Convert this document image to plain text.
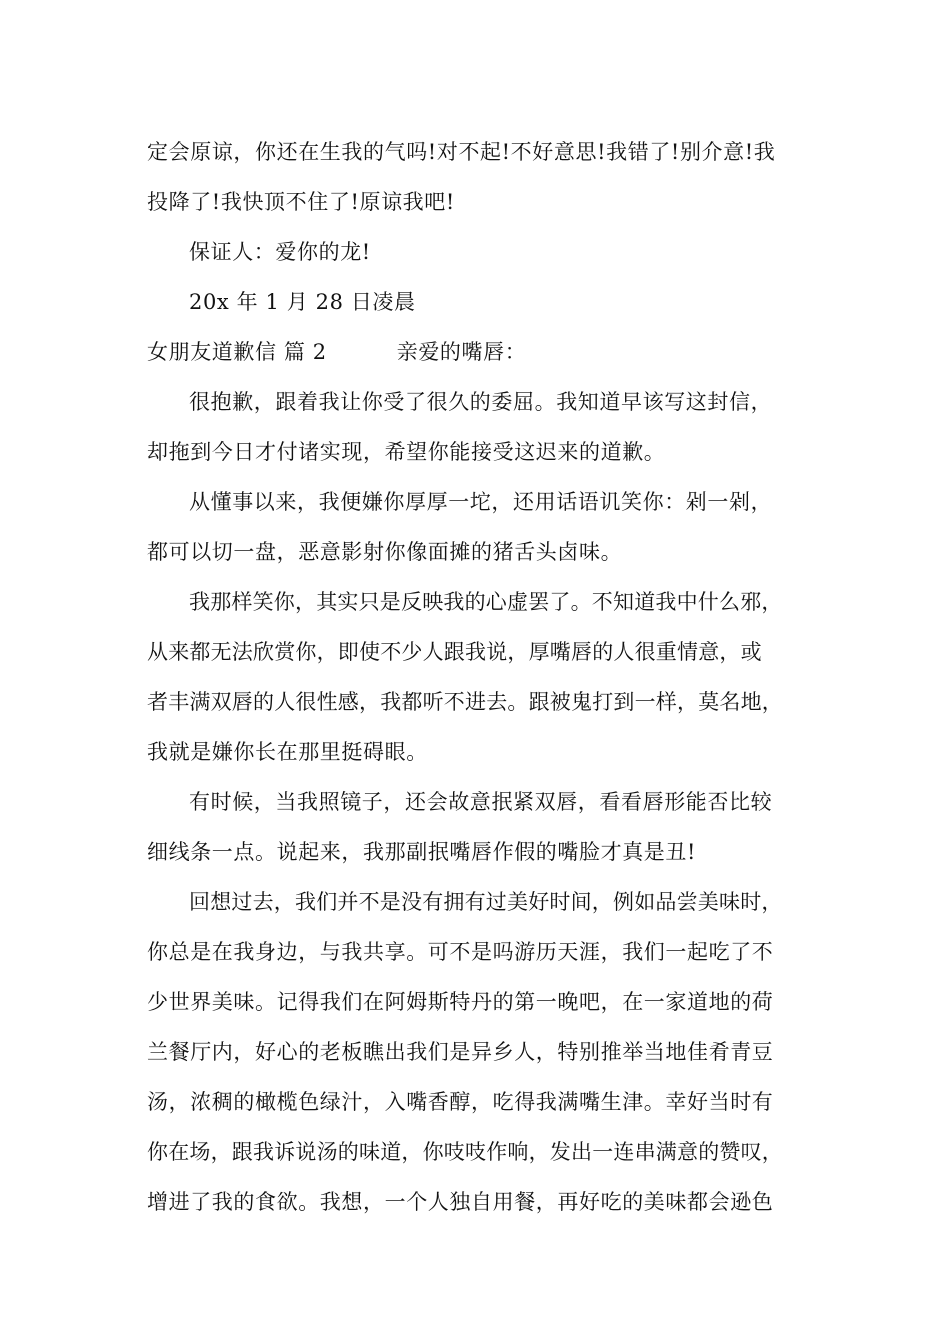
定会原谅，你还在生我的气吗!对不起!不好意思!我错了!别介意!我
投降了!我快顶不住了!原谅我吧!
保证人：爱你的龙!
20x 年 1 月 28 日凌晨
女朋友道歉信 篇 2	亲爱的嘴唇：
很抱歉，跟着我让你受了很久的委屈。我知道早该写这封信，
却拖到今日才付诸实现，希望你能接受这迟来的道歉。
从懂事以来，我便嫌你厚厚一坨，还用话语讥笑你：剁一剁，
都可以切一盘，恶意影射你像面摊的猪舌头卤味。
我那样笑你，其实只是反映我的心虚罢了。不知道我中什么邪，
从来都无法欣赏你，即使不少人跟我说，厚嘴唇的人很重情意，或
者丰满双唇的人很性感，我都听不进去。跟被鬼打到一样，莫名地，
我就是嫌你长在那里挺碍眼。
有时候，当我照镜子，还会故意抿紧双唇，看看唇形能否比较
细线条一点。说起来，我那副抿嘴唇作假的嘴脸才真是丑!
回想过去，我们并不是没有拥有过美好时间，例如品尝美味时，
你总是在我身边，与我共享。可不是吗游历天涯，我们一起吃了不
少世界美味。记得我们在阿姆斯特丹的第一晚吧，在一家道地的荷
兰餐厅内，好心的老板瞧出我们是异乡人，特别推举当地佳肴青豆
汤，浓稠的橄榄色绿汁，入嘴香醇，吃得我满嘴生津。幸好当时有
你在场，跟我诉说汤的味道，你吱吱作响，发出一连串满意的赞叹，
增进了我的食欲。我想，一个人独自用餐，再好吃的美味都会逊色
